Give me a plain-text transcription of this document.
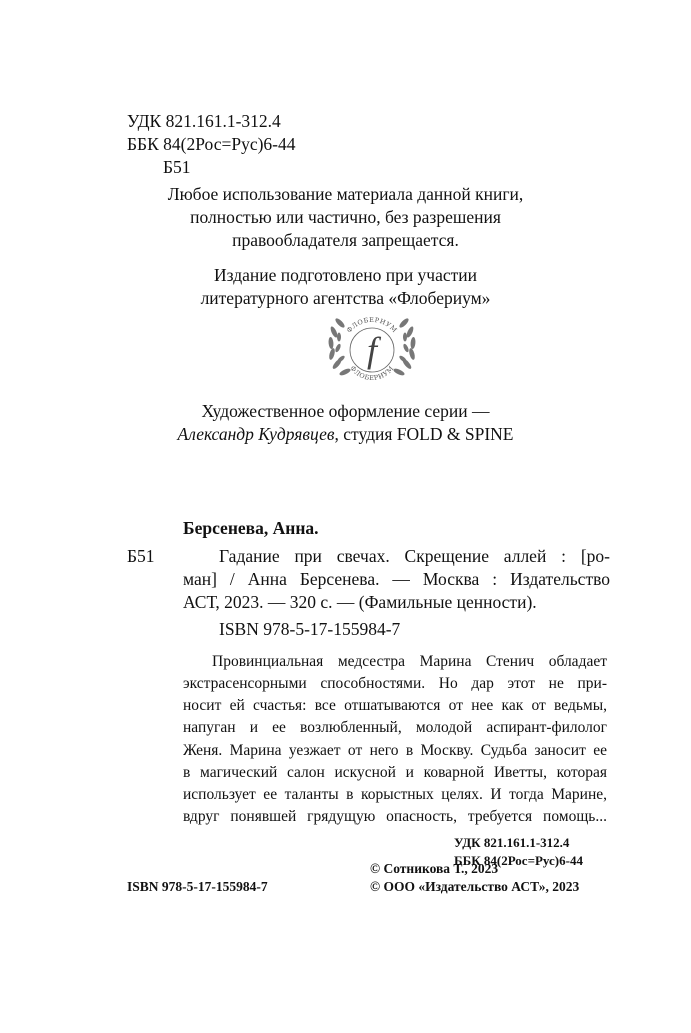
УДК 821.161.1-312.4
ББК 84(2Рос=Рус)6-44
Б51
Любое использование материала данной книги,
полностью или частично, без разрешения
правообладателя запрещается.
Издание подготовлено при участии
литературного агентства «Флобериум»
ФЛОБЕРИУМ
ФЛОБЕРИУМ
f
Художественное оформление серии —
Александр Кудрявцев, студия FOLD & SPINE
Берсенева, Анна.
Б51	Гадание при свечах. Скрещение аллей : [ро-
ман] / Анна Берсенева. — Москва : Издательство
АСТ, 2023. — 320 с. — (Фамильные ценности).
ISBN 978-5-17-155984-7
Провинциальная медсестра Марина Стенич обладает
экстрасенсорными способностями. Но дар этот не при-
носит ей счастья: все отшатываются от нее как от ведьмы,
напуган и ее возлюбленный, молодой аспирант-филолог
Женя. Марина уезжает от него в Москву. Судьба заносит ее
в магический салон искусной и коварной Иветты, которая
использует ее таланты в корыстных целях. И тогда Марине,
вдруг понявшей грядущую опасность, требуется помощь...
УДК 821.161.1-312.4
ББК 84(2Рос=Рус)6-44
© Сотникова Т., 2023
ISBN 978-5-17-155984-7	© ООО «Издательство АСТ», 2023
